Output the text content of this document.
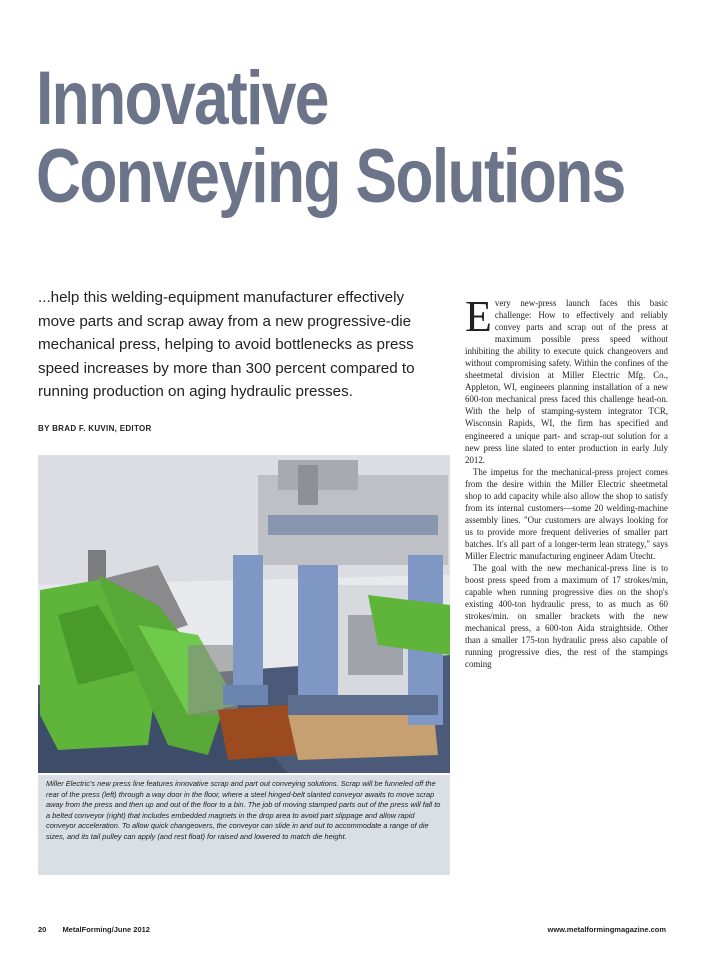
Innovative
Conveying Solutions
...help this welding-equipment manufacturer effectively move parts and scrap away from a new progressive-die mechanical press, helping to avoid bottlenecks as press speed increases by more than 300 percent compared to running production on aging hydraulic presses.
BY BRAD F. KUVIN, EDITOR
Miller Electric's new press line features innovative scrap and part out conveying solutions. Scrap will be funneled off the rear of the press (left) through a way door in the floor, where a steel hinged-belt slanted conveyor awaits to move scrap away from the press and then up and out of the floor to a bin. The job of moving stamped parts out of the press will fall to a belted conveyor (right) that includes embedded magnets in the drop area to avoid part slippage and allow rapid conveyor acceleration. To allow quick changeovers, the conveyor can slide in and out to accommodate a range of die sizes, and its tail pulley can apply (and rest float) for raised and lowered to match die height.

Every new-press launch faces this basic challenge: How to effectively and reliably convey parts and scrap out of the press at maximum possible press speed without inhibiting the ability to execute quick changeovers and without compromising safety. Within the confines of the sheetmetal division at Miller Electric Mfg. Co., Appleton, WI, engineers planning installation of a new 600-ton mechanical press faced this challenge head-on. With the help of stamping-system integrator TCR, Wisconsin Rapids, WI, the firm has specified and engineered a unique part- and scrap-out solution for a new press line slated to enter production in early July 2012.

The impetus for the mechanical-press project comes from the desire within the Miller Electric sheetmetal shop to add capacity while also allow the shop to satisfy from its internal customers—some 20 welding-machine assembly lines. "Our customers are always looking for us to provide more frequent deliveries of smaller part batches. It's all part of a longer-term lean strategy," says Miller Electric manufacturing engineer Adam Utecht.

The goal with the new mechanical-press line is to boost press speed from a maximum of 17 strokes/min, capable when running progressive dies on the shop's existing 400-ton hydraulic press, to as much as 60 strokes/min. on smaller brackets with the new mechanical press, a 600-ton Aida straightside. Other than a smaller 175-ton hydraulic press also capable of running progressive dies, the rest of the stampings coming

20 MetalForming/June 2012	www.metalformingmagazine.com
